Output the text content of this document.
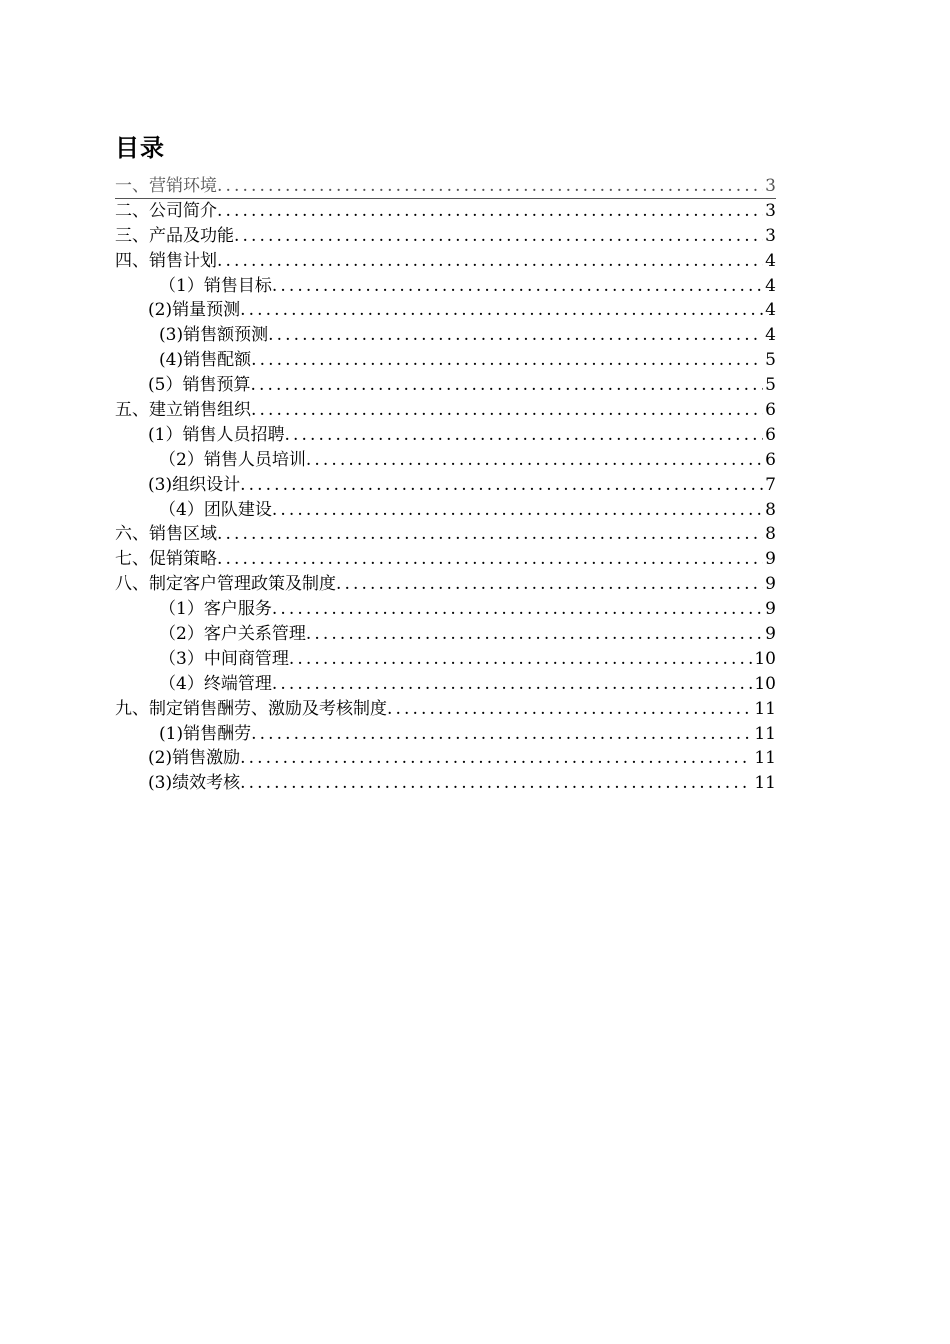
目录
一、营销环境 .....	3
二、公司简介 .....	3
三、产品及功能 .....	3
四、销售计划 .....	4
（1）销售目标 .....	4
(2)销量预测 .....	4
(3)销售额预测 .....	4
(4)销售配额 .....	5
(5）销售预算 .....	5
五、建立销售组织 .....	6
(1）销售人员招聘 .....	6
（2）销售人员培训 .....	6
(3)组织设计 .....	7
（4）团队建设 .....	8
六、销售区域 .....	8
七、促销策略 .....	9
八、制定客户管理政策及制度 .....	9
（1）客户服务 .....	9
（2）客户关系管理 .....	9
（3）中间商管理 .....	10
（4）终端管理 .....	10
九、制定销售酬劳、激励及考核制度 .....	11
(1)销售酬劳 .....	11
(2)销售激励 .....	11
(3)绩效考核 .....	11
